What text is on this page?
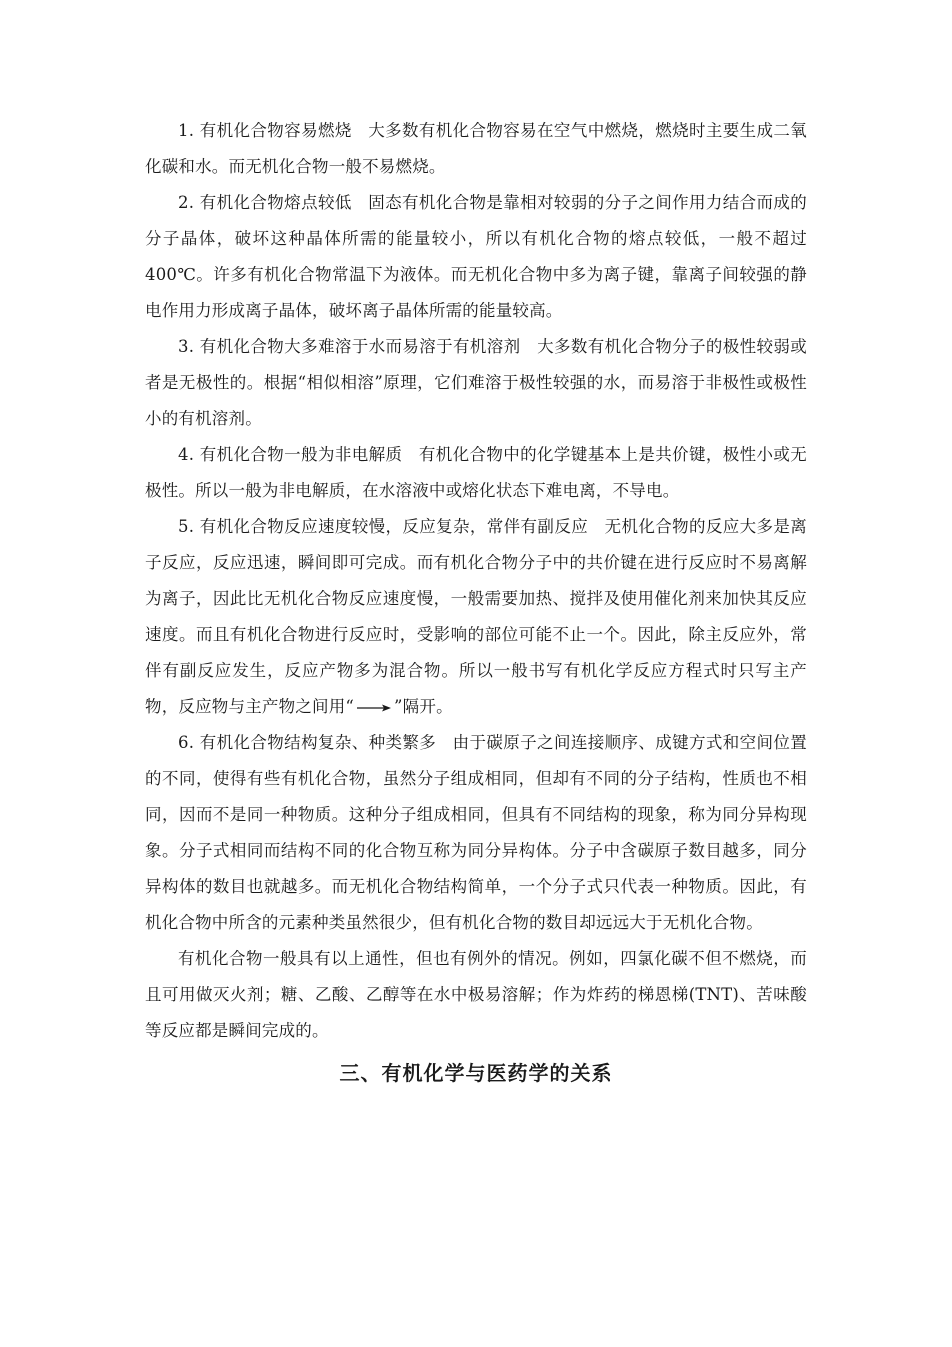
1. 有机化合物容易燃烧 大多数有机化合物容易在空气中燃烧，燃烧时主要生成二氧化碳和水。而无机化合物一般不易燃烧。

2. 有机化合物熔点较低 固态有机化合物是靠相对较弱的分子之间作用力结合而成的分子晶体，破坏这种晶体所需的能量较小，所以有机化合物的熔点较低，一般不超过 400℃。许多有机化合物常温下为液体。而无机化合物中多为离子键，靠离子间较强的静电作用力形成离子晶体，破坏离子晶体所需的能量较高。

3. 有机化合物大多难溶于水而易溶于有机溶剂 大多数有机化合物分子的极性较弱或者是无极性的。根据“相似相溶”原理，它们难溶于极性较强的水，而易溶于非极性或极性小的有机溶剂。

4. 有机化合物一般为非电解质 有机化合物中的化学键基本上是共价键，极性小或无极性。所以一般为非电解质，在水溶液中或熔化状态下难电离，不导电。

5. 有机化合物反应速度较慢，反应复杂，常伴有副反应 无机化合物的反应大多是离子反应，反应迅速，瞬间即可完成。而有机化合物分子中的共价键在进行反应时不易离解为离子，因此比无机化合物反应速度慢，一般需要加热、搅拌及使用催化剂来加快其反应速度。而且有机化合物进行反应时，受影响的部位可能不止一个。因此，除主反应外，常伴有副反应发生，反应产物多为混合物。所以一般书写有机化学反应方程式时只写主产物，反应物与主产物之间用“ → ”隔开。

6. 有机化合物结构复杂、种类繁多 由于碳原子之间连接顺序、成键方式和空间位置的不同，使得有些有机化合物，虽然分子组成相同，但却有不同的分子结构，性质也不相同，因而不是同一种物质。这种分子组成相同，但具有不同结构的现象，称为同分异构现象。分子式相同而结构不同的化合物互称为同分异构体。分子中含碳原子数目越多，同分异构体的数目也就越多。而无机化合物结构简单，一个分子式只代表一种物质。因此，有机化合物中所含的元素种类虽然很少，但有机化合物的数目却远远大于无机化合物。

有机化合物一般具有以上通性，但也有例外的情况。例如，四氯化碳不但不燃烧，而且可用做灭火剂；糖、乙酸、乙醇等在水中极易溶解；作为炸药的梯恩梯(TNT)、苦味酸等反应都是瞬间完成的。

三、有机化学与医药学的关系
